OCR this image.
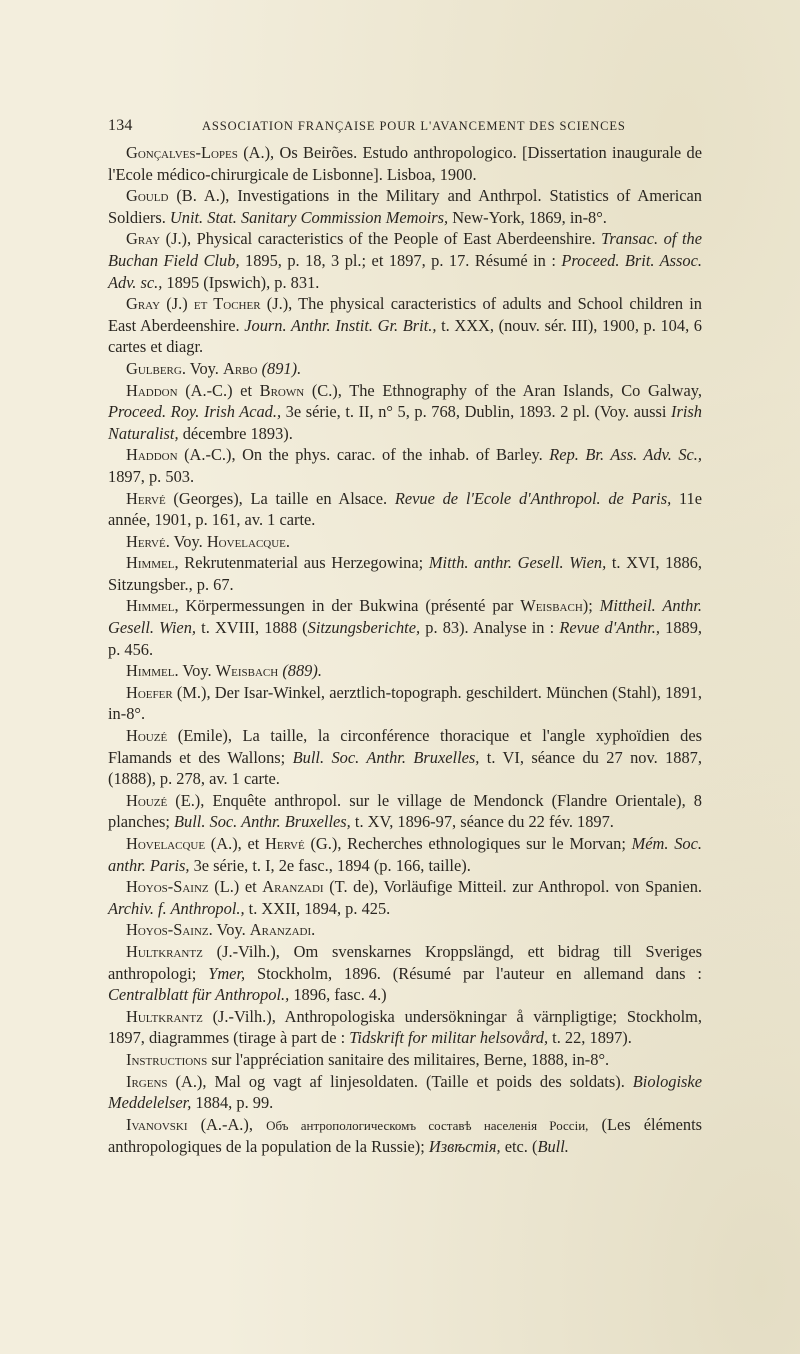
134	ASSOCIATION FRANÇAISE POUR L'AVANCEMENT DES SCIENCES

Gonçalves-Lopes (A.), Os Beirões. Estudo anthropologico. [Dissertation inaugurale de l'Ecole médico-chirurgicale de Lisbonne]. Lisboa, 1900.

Gould (B. A.), Investigations in the Military and Anthrpol. Statistics of American Soldiers. Unit. Stat. Sanitary Commission Memoirs, New-York, 1869, in-8°.

Gray (J.), Physical caracteristics of the People of East Aberdeenshire. Transac. of the Buchan Field Club, 1895, p. 18, 3 pl.; et 1897, p. 17. Résumé in : Proceed. Brit. Assoc. Adv. sc., 1895 (Ipswich), p. 831.

Gray (J.) et Tocher (J.), The physical caracteristics of adults and School children in East Aberdeenshire. Journ. Anthr. Instit. Gr. Brit., t. XXX, (nouv. sér. III), 1900, p. 104, 6 cartes et diagr.

Gulberg. Voy. Arbo (891).

Haddon (A.-C.) et Brown (C.), The Ethnography of the Aran Islands, Co Galway, Proceed. Roy. Irish Acad., 3e série, t. II, n° 5, p. 768, Dublin, 1893. 2 pl. (Voy. aussi Irish Naturalist, décembre 1893).

Haddon (A.-C.), On the phys. carac. of the inhab. of Barley. Rep. Br. Ass. Adv. Sc., 1897, p. 503.

Hervé (Georges), La taille en Alsace. Revue de l'Ecole d'Anthropol. de Paris, 11e année, 1901, p. 161, av. 1 carte.

Hervé. Voy. Hovelacque.

Himmel, Rekrutenmaterial aus Herzegowina; Mitth. anthr. Gesell. Wien, t. XVI, 1886, Sitzungsber., p. 67.

Himmel, Körpermessungen in der Bukwina (présenté par Weisbach); Mittheil. Anthr. Gesell. Wien, t. XVIII, 1888 (Sitzungsberichte, p. 83). Analyse in : Revue d'Anthr., 1889, p. 456.

Himmel. Voy. Weisbach (889).

Hoefer (M.), Der Isar-Winkel, aerztlich-topograph. geschildert. München (Stahl), 1891, in-8°.

Houzé (Emile), La taille, la circonférence thoracique et l'angle xyphoïdien des Flamands et des Wallons; Bull. Soc. Anthr. Bruxelles, t. VI, séance du 27 nov. 1887, (1888), p. 278, av. 1 carte.

Houzé (E.), Enquête anthropol. sur le village de Mendonck (Flandre Orientale), 8 planches; Bull. Soc. Anthr. Bruxelles, t. XV, 1896-97, séance du 22 fév. 1897.

Hovelacque (A.), et Hervé (G.), Recherches ethnologiques sur le Morvan; Mém. Soc. anthr. Paris, 3e série, t. I, 2e fasc., 1894 (p. 166, taille).

Hoyos-Sainz (L.) et Aranzadi (T. de), Vorläufige Mitteil. zur Anthropol. von Spanien. Archiv. f. Anthropol., t. XXII, 1894, p. 425.

Hoyos-Sainz. Voy. Aranzadi.

Hultkrantz (J.-Vilh.), Om svenskarnes Kroppslängd, ett bidrag till Sveriges anthropologi; Ymer, Stockholm, 1896. (Résumé par l'auteur en allemand dans : Centralblatt für Anthropol., 1896, fasc. 4.)

Hultkrantz (J.-Vilh.), Anthropologiska undersökningar å värnpligtige; Stockholm, 1897, diagrammes (tirage à part de : Tidskrift for militar helsovård, t. 22, 1897).

Instructions sur l'appréciation sanitaire des militaires, Berne, 1888, in-8°.

Irgens (A.), Mal og vagt af linjesoldaten. (Taille et poids des soldats). Biologiske Meddelelser, 1884, p. 99.

Ivanovski (A.-A.), Объ антропологическомъ составѣ населенія Россіи, (Les éléments anthropologiques de la population de la Russie); Извѣстія, etc. (Bull.
